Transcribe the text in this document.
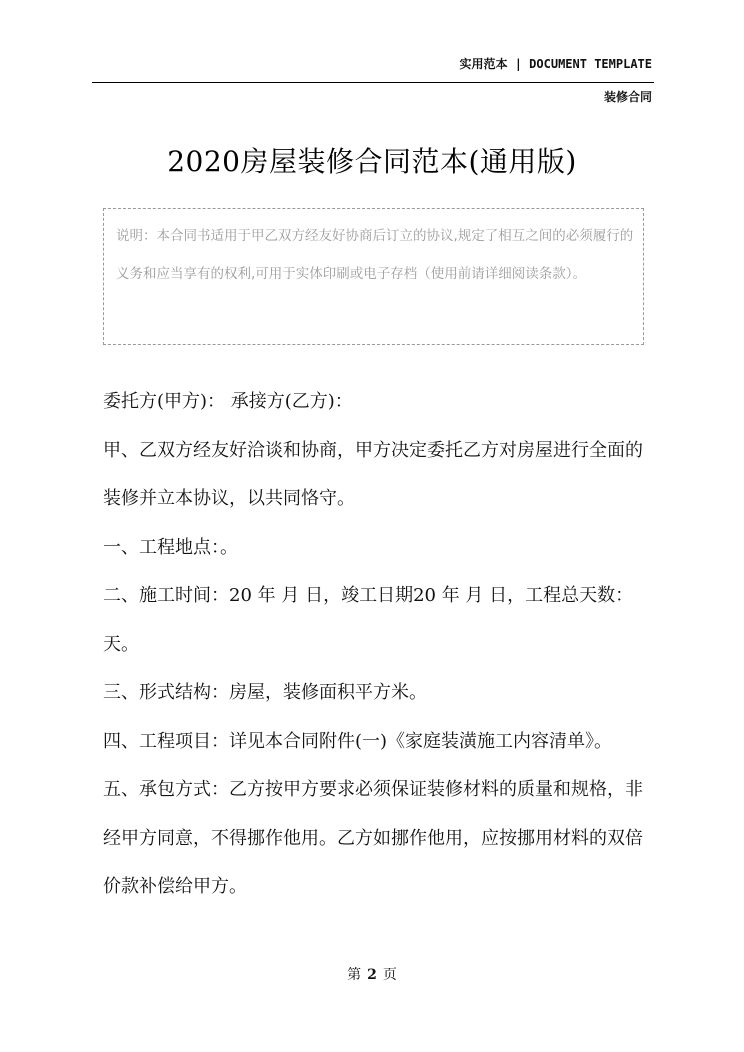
实用范本 | DOCUMENT TEMPLATE
装修合同
2020房屋装修合同范本(通用版)
说明：本合同书适用于甲乙双方经友好协商后订立的协议,规定了相互之间的必须履行的义务和应当享有的权利,可用于实体印刷或电子存档（使用前请详细阅读条款）。

委托方(甲方)： 承接方(乙方)：

甲、乙双方经友好洽谈和协商，甲方决定委托乙方对房屋进行全面的装修并立本协议，以共同恪守。

一、工程地点：。

二、施工时间：20 年 月 日，竣工日期20 年 月 日，工程总天数：天。

三、形式结构：房屋，装修面积平方米。

四、工程项目：详见本合同附件(一)《家庭装潢施工内容清单》。

五、承包方式：乙方按甲方要求必须保证装修材料的质量和规格，非经甲方同意，不得挪作他用。乙方如挪作他用，应按挪用材料的双倍价款补偿给甲方。

第 2 页
